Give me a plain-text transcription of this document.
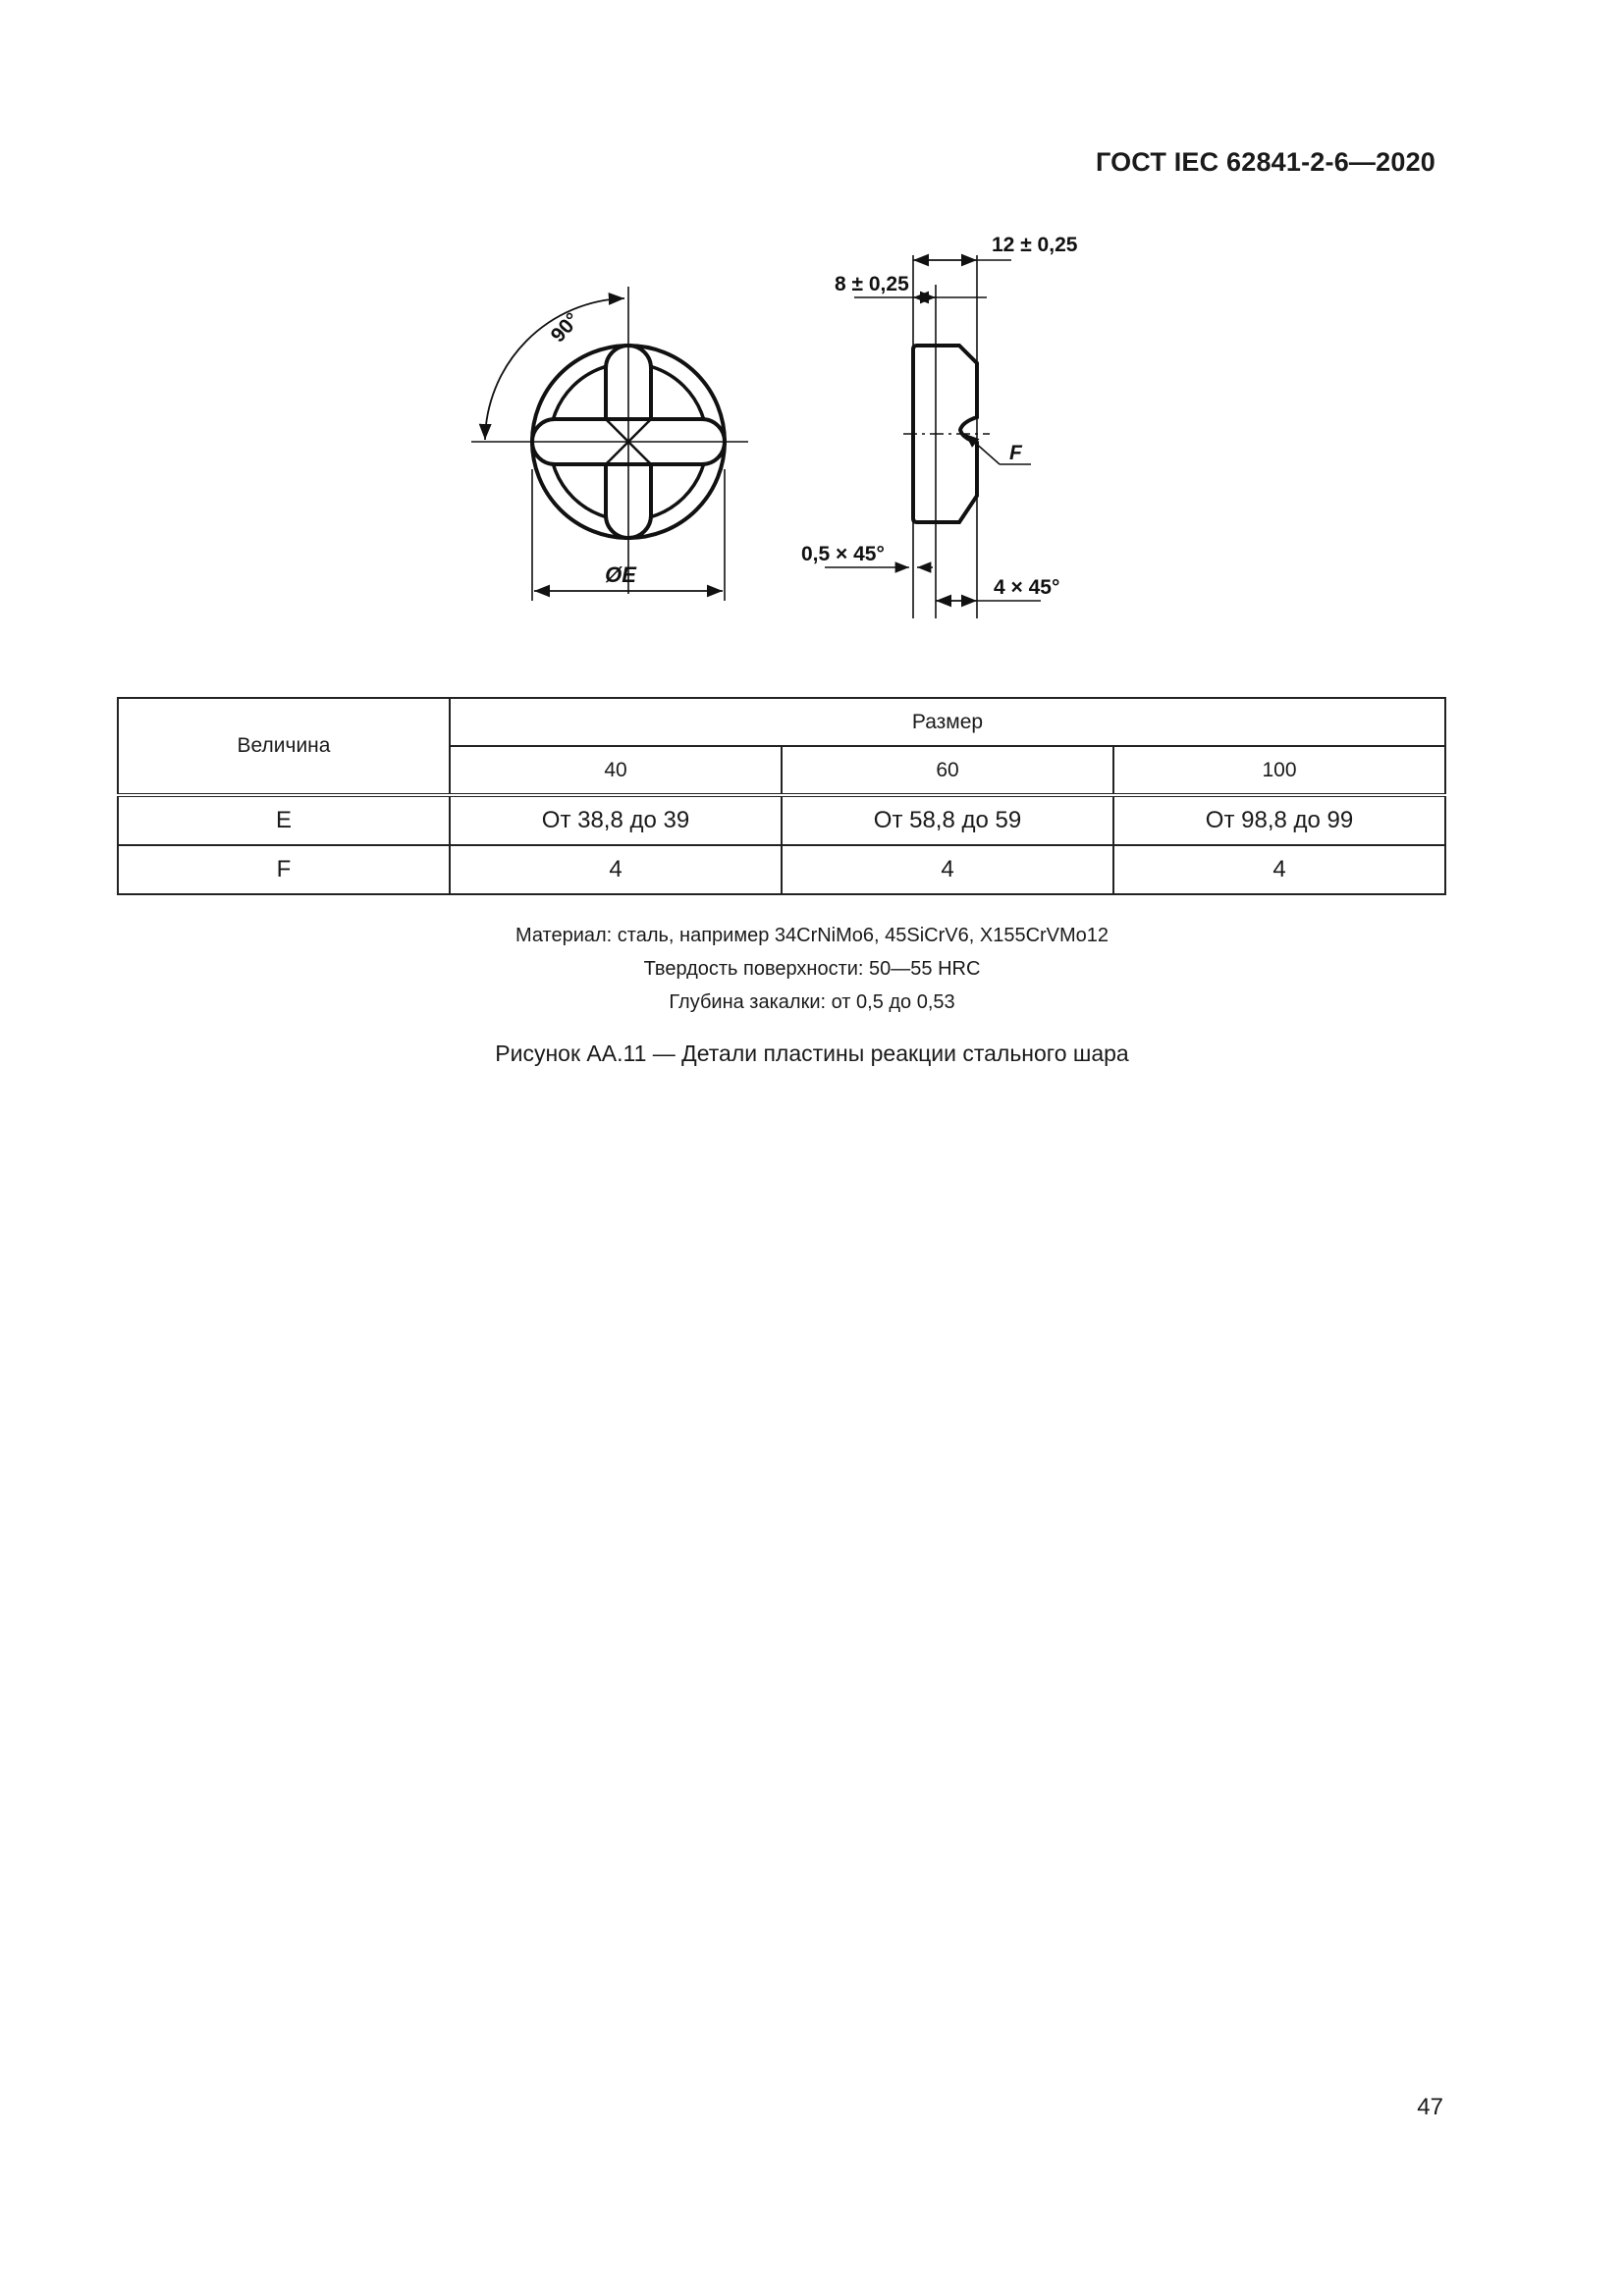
ГОСТ IEC 62841-2-6—2020
90°
ØE
12 ± 0,25
8 ± 0,25
F
0,5 × 45°
4 × 45°
Величина	Размер		
	40	60	100
E	От 38,8 до 39	От 58,8 до 59	От 98,8 до 99
F	4	4	4
Материал: сталь, например 34CrNiMo6, 45SiCrV6, X155CrVMo12
Твердость поверхности: 50—55 HRC
Глубина закалки: от 0,5 до 0,53
Рисунок АА.11 — Детали пластины реакции стального шара
47
